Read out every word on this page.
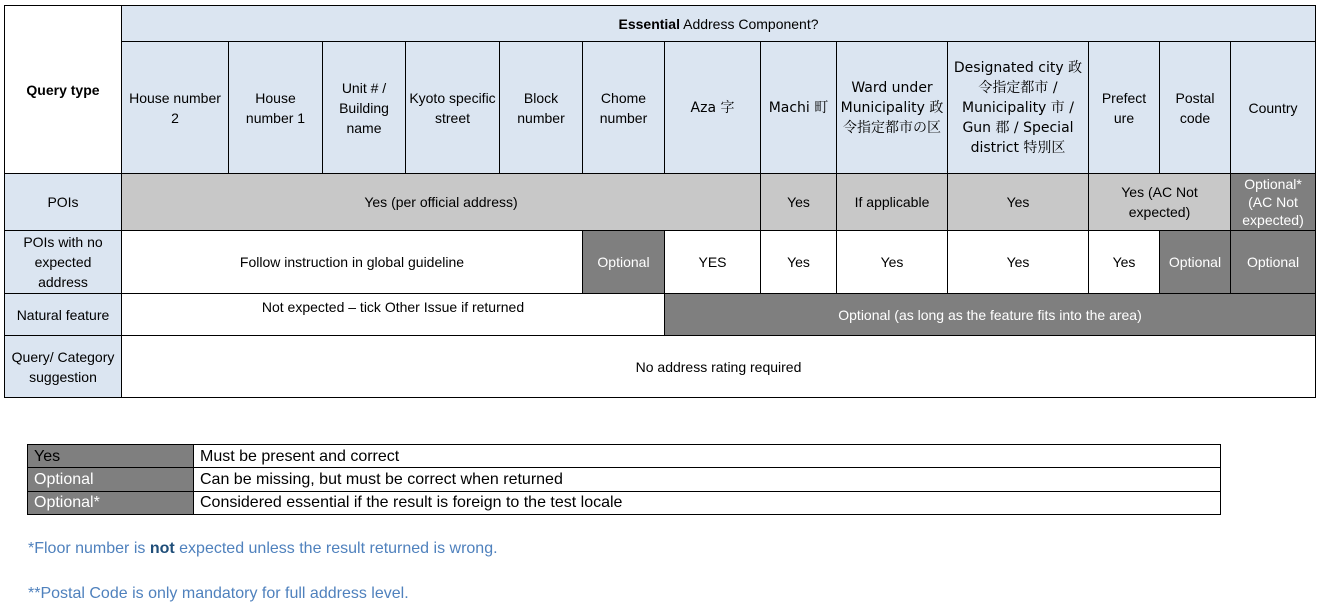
Query type	Essential Address Component?												
	House number 2	House number 1	Unit # / Building name	Kyoto specific street	Block number	Chome number	Aza 字	Machi 町	Ward under Municipality 政令指定都市の区	Designated city 政令指定都市 / Municipality 市 / Gun 郡 / Special district 特別区	Prefect ure	Postal code	Country
POIs	Yes (per official address)							Yes	If applicable	Yes	Yes (AC Not expected)		Optional* (AC Not expected)
POIs with no expected address	Follow instruction in global guideline					Optional	YES	Yes	Yes	Yes	Yes	Optional	Optional
Natural feature	Not expected – tick Other Issue if returned						Optional (as long as the feature fits into the area)						
Query/ Category suggestion	No address rating required												
Yes	Must be present and correct
Optional	Can be missing, but must be correct when returned
Optional*	Considered essential if the result is foreign to the test locale
*Floor number is not expected unless the result returned is wrong.
**Postal Code is only mandatory for full address level.
